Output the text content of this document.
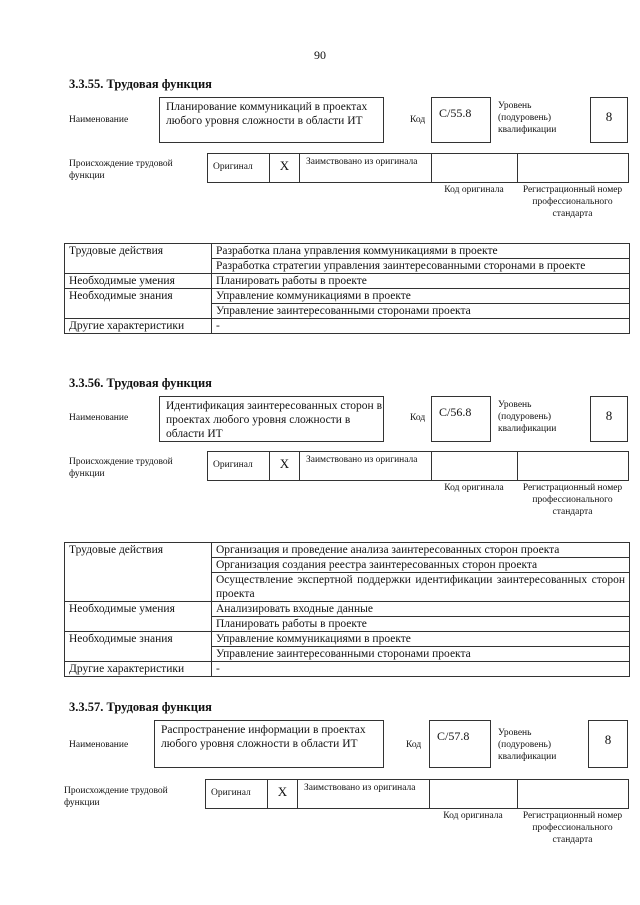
90
3.3.55. Трудовая функция
Наименование
Планирование коммуникаций в проектах любого уровня сложности в области ИТ	Код	C/55.8	Уровень (подуровень) квалификации
8
Происхождение трудовой функции
Оригинал	X	Заимствовано из оригинала
Код оригинала	Регистрационный номер профессионального стандарта
Трудовые действия	Разработка плана управления коммуникациями в проекте
	Разработка стратегии управления заинтересованными сторонами в проекте
Необходимые умения	Планировать работы в проекте
Необходимые знания	Управление коммуникациями в проекте
	Управление заинтересованными сторонами проекта
Другие характеристики	-
3.3.56. Трудовая функция
Наименование
Идентификация заинтересованных сторон в проектах любого уровня сложности в области ИТ
Код	C/56.8	Уровень (подуровень) квалификации
8
Происхождение трудовой функции
Оригинал	X	Заимствовано из оригинала
Код оригинала	Регистрационный номер профессионального стандарта
Трудовые действия	Организация и проведение анализа заинтересованных сторон проекта
	Организация создания реестра заинтересованных сторон проекта
	Осуществление экспертной поддержки идентификации заинтересованных сторон проекта
Необходимые умения	Анализировать входные данные
	Планировать работы в проекте
Необходимые знания	Управление коммуникациями в проекте
	Управление заинтересованными сторонами проекта
Другие характеристики	-
3.3.57. Трудовая функция
Наименование
Распространение информации в проектах любого уровня сложности в области ИТ	Код
C/57.8	Уровень (подуровень) квалификации
8
Происхождение трудовой функции
Оригинал	X	Заимствовано из оригинала
Код оригинала	Регистрационный номер профессионального стандарта
